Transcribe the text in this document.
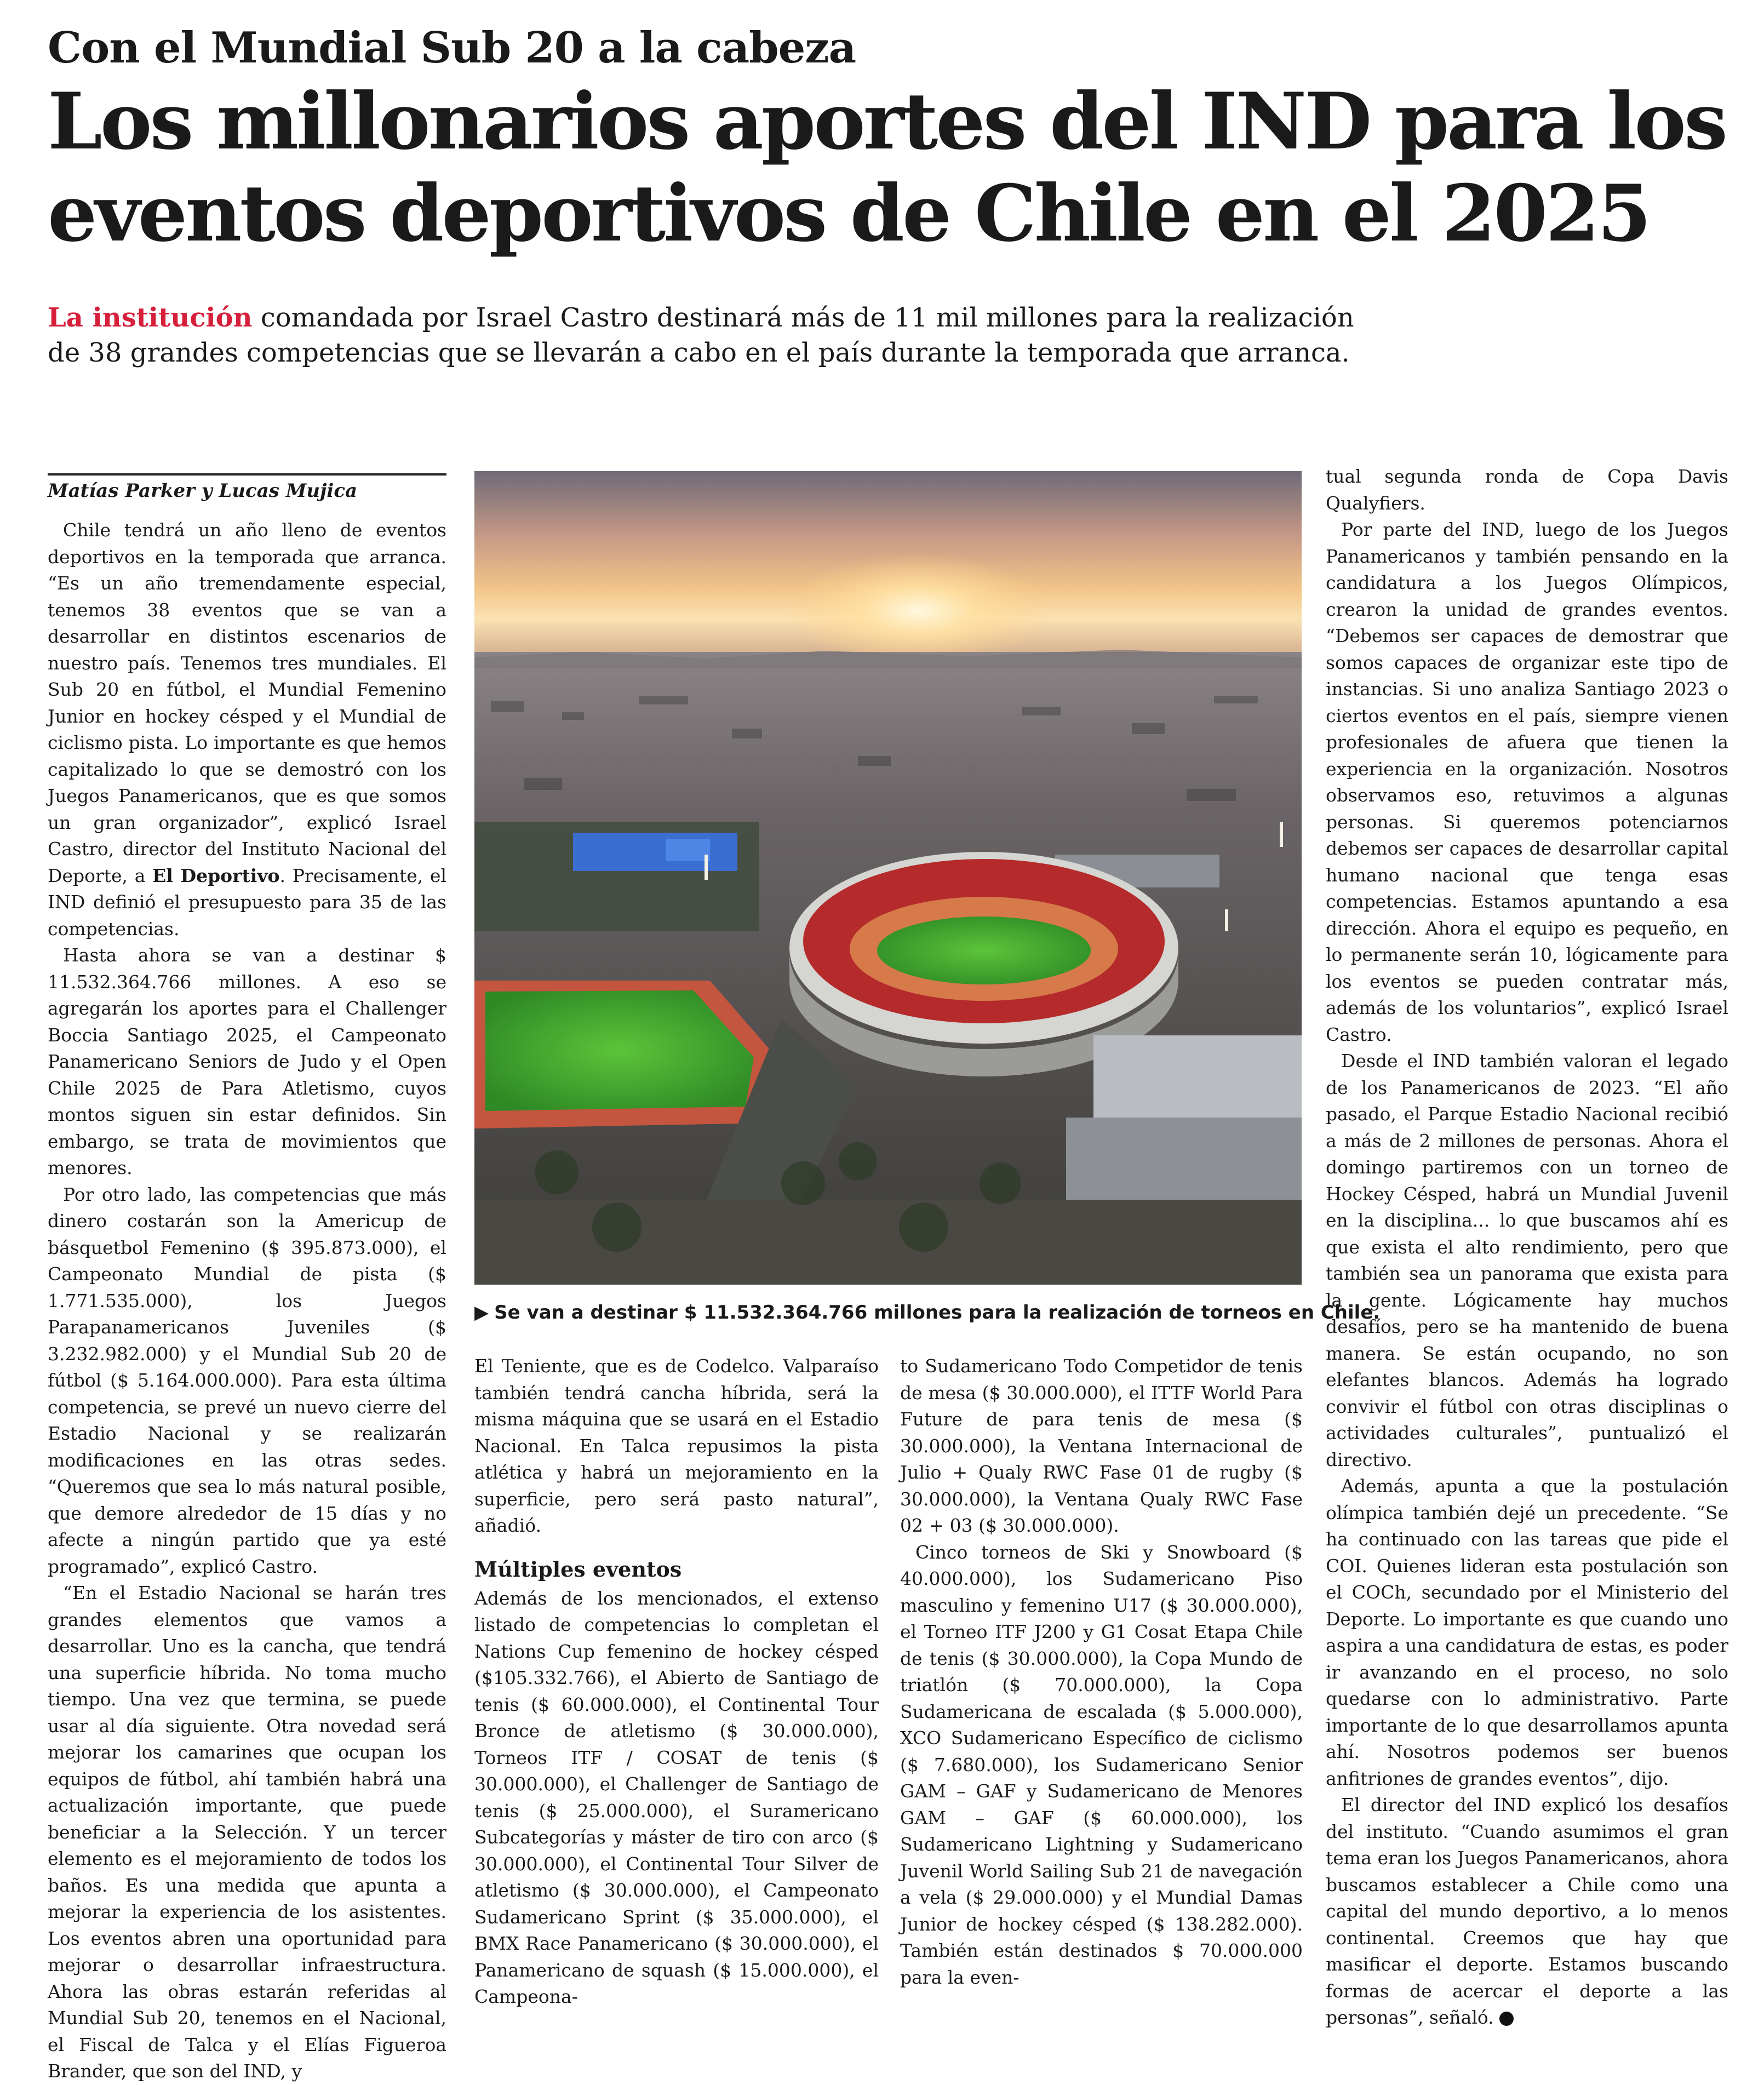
Con el Mundial Sub 20 a la cabeza
Los millonarios aportes del IND para los
eventos deportivos de Chile en el 2025
La institución comandada por Israel Castro destinará más de 11 mil millones para la realización de 38 grandes competencias que se llevarán a cabo en el país durante la temporada que arranca.
Matías Parker y Lucas Mujica

Chile tendrá un año lleno de eventos deportivos en la temporada que arranca. “Es un año tremendamente especial, tenemos 38 eventos que se van a desarrollar en distintos escenarios de nuestro país. Tenemos tres mundiales. El Sub 20 en fútbol, el Mundial Femenino Junior en hockey césped y el Mundial de ciclismo pista. Lo importante es que hemos capitalizado lo que se demostró con los Juegos Panamericanos, que es que somos un gran organizador”, explicó Israel Castro, director del Instituto Nacional del Deporte, a El Deportivo. Precisamente, el IND definió el presupuesto para 35 de las competencias.

Hasta ahora se van a destinar $ 11.532.364.766 millones. A eso se agregarán los aportes para el Challenger Boccia Santiago 2025, el Campeonato Panamericano Seniors de Judo y el Open Chile 2025 de Para Atletismo, cuyos montos siguen sin estar definidos. Sin embargo, se trata de movimientos que menores.

Por otro lado, las competencias que más dinero costarán son la Americup de básquetbol Femenino ($ 395.873.000), el Campeonato Mundial de pista ($ 1.771.535.000), los Juegos Parapanamericanos Juveniles ($ 3.232.982.000) y el Mundial Sub 20 de fútbol ($ 5.164.000.000). Para esta última competencia, se prevé un nuevo cierre del Estadio Nacional y se realizarán modificaciones en las otras sedes. “Queremos que sea lo más natural posible, que demore alrededor de 15 días y no afecte a ningún partido que ya esté programado”, explicó Castro.

“En el Estadio Nacional se harán tres grandes elementos que vamos a desarrollar. Uno es la cancha, que tendrá una superficie híbrida. No toma mucho tiempo. Una vez que termina, se puede usar al día siguiente. Otra novedad será mejorar los camarines que ocupan los equipos de fútbol, ahí también habrá una actualización importante, que puede beneficiar a la Selección. Y un tercer elemento es el mejoramiento de todos los baños. Es una medida que apunta a mejorar la experiencia de los asistentes. Los eventos abren una oportunidad para mejorar o desarrollar infraestructura. Ahora las obras estarán referidas al Mundial Sub 20, tenemos en el Nacional, el Fiscal de Talca y el Elías Figueroa Brander, que son del IND, y

▶ Se van a destinar $ 11.532.364.766 millones para la realización de torneos en Chile.

El Teniente, que es de Codelco. Valparaíso también tendrá cancha híbrida, será la misma máquina que se usará en el Estadio Nacional. En Talca repusimos la pista atlética y habrá un mejoramiento en la superficie, pero será pasto natural”, añadió.

Múltiples eventos

Además de los mencionados, el extenso listado de competencias lo completan el Nations Cup femenino de hockey césped ($105.332.766), el Abierto de Santiago de tenis ($ 60.000.000), el Continental Tour Bronce de atletismo ($ 30.000.000), Torneos ITF / COSAT de tenis ($ 30.000.000), el Challenger de Santiago de tenis ($ 25.000.000), el Suramericano Subcategorías y máster de tiro con arco ($ 30.000.000), el Continental Tour Silver de atletismo ($ 30.000.000), el Campeonato Sudamericano Sprint ($ 35.000.000), el BMX Race Panamericano ($ 30.000.000), el Panamericano de squash ($ 15.000.000), el Campeona-

to Sudamericano Todo Competidor de tenis de mesa ($ 30.000.000), el ITTF World Para Future de para tenis de mesa ($ 30.000.000), la Ventana Internacional de Julio + Qualy RWC Fase 01 de rugby ($ 30.000.000), la Ventana Qualy RWC Fase 02 + 03 ($ 30.000.000).

Cinco torneos de Ski y Snowboard ($ 40.000.000), los Sudamericano Piso masculino y femenino U17 ($ 30.000.000), el Torneo ITF J200 y G1 Cosat Etapa Chile de tenis ($ 30.000.000), la Copa Mundo de triatlón ($ 70.000.000), la Copa Sudamericana de escalada ($ 5.000.000), XCO Sudamericano Específico de ciclismo ($ 7.680.000), los Sudamericano Senior GAM – GAF y Sudamericano de Menores GAM – GAF ($ 60.000.000), los Sudamericano Lightning y Sudamericano Juvenil World Sailing Sub 21 de navegación a vela ($ 29.000.000) y el Mundial Damas Junior de hockey césped ($ 138.282.000). También están destinados $ 70.000.000 para la even-

tual segunda ronda de Copa Davis Qualyfiers.

Por parte del IND, luego de los Juegos Panamericanos y también pensando en la candidatura a los Juegos Olímpicos, crearon la unidad de grandes eventos. “Debemos ser capaces de demostrar que somos capaces de organizar este tipo de instancias. Si uno analiza Santiago 2023 o ciertos eventos en el país, siempre vienen profesionales de afuera que tienen la experiencia en la organización. Nosotros observamos eso, retuvimos a algunas personas. Si queremos potenciarnos debemos ser capaces de desarrollar capital humano nacional que tenga esas competencias. Estamos apuntando a esa dirección. Ahora el equipo es pequeño, en lo permanente serán 10, lógicamente para los eventos se pueden contratar más, además de los voluntarios”, explicó Israel Castro.

Desde el IND también valoran el legado de los Panamericanos de 2023. “El año pasado, el Parque Estadio Nacional recibió a más de 2 millones de personas. Ahora el domingo partiremos con un torneo de Hockey Césped, habrá un Mundial Juvenil en la disciplina... lo que buscamos ahí es que exista el alto rendimiento, pero que también sea un panorama que exista para la gente. Lógicamente hay muchos desafíos, pero se ha mantenido de buena manera. Se están ocupando, no son elefantes blancos. Además ha logrado convivir el fútbol con otras disciplinas o actividades culturales”, puntualizó el directivo.

Además, apunta a que la postulación olímpica también dejé un precedente. “Se ha continuado con las tareas que pide el COI. Quienes lideran esta postulación son el COCh, secundado por el Ministerio del Deporte. Lo importante es que cuando uno aspira a una candidatura de estas, es poder ir avanzando en el proceso, no solo quedarse con lo administrativo. Parte importante de lo que desarrollamos apunta ahí. Nosotros podemos ser buenos anfitriones de grandes eventos”, dijo.

El director del IND explicó los desafíos del instituto. “Cuando asumimos el gran tema eran los Juegos Panamericanos, ahora buscamos establecer a Chile como una capital del mundo deportivo, a lo menos continental. Creemos que hay que masificar el deporte. Estamos buscando formas de acercar el deporte a las personas”, señaló.
